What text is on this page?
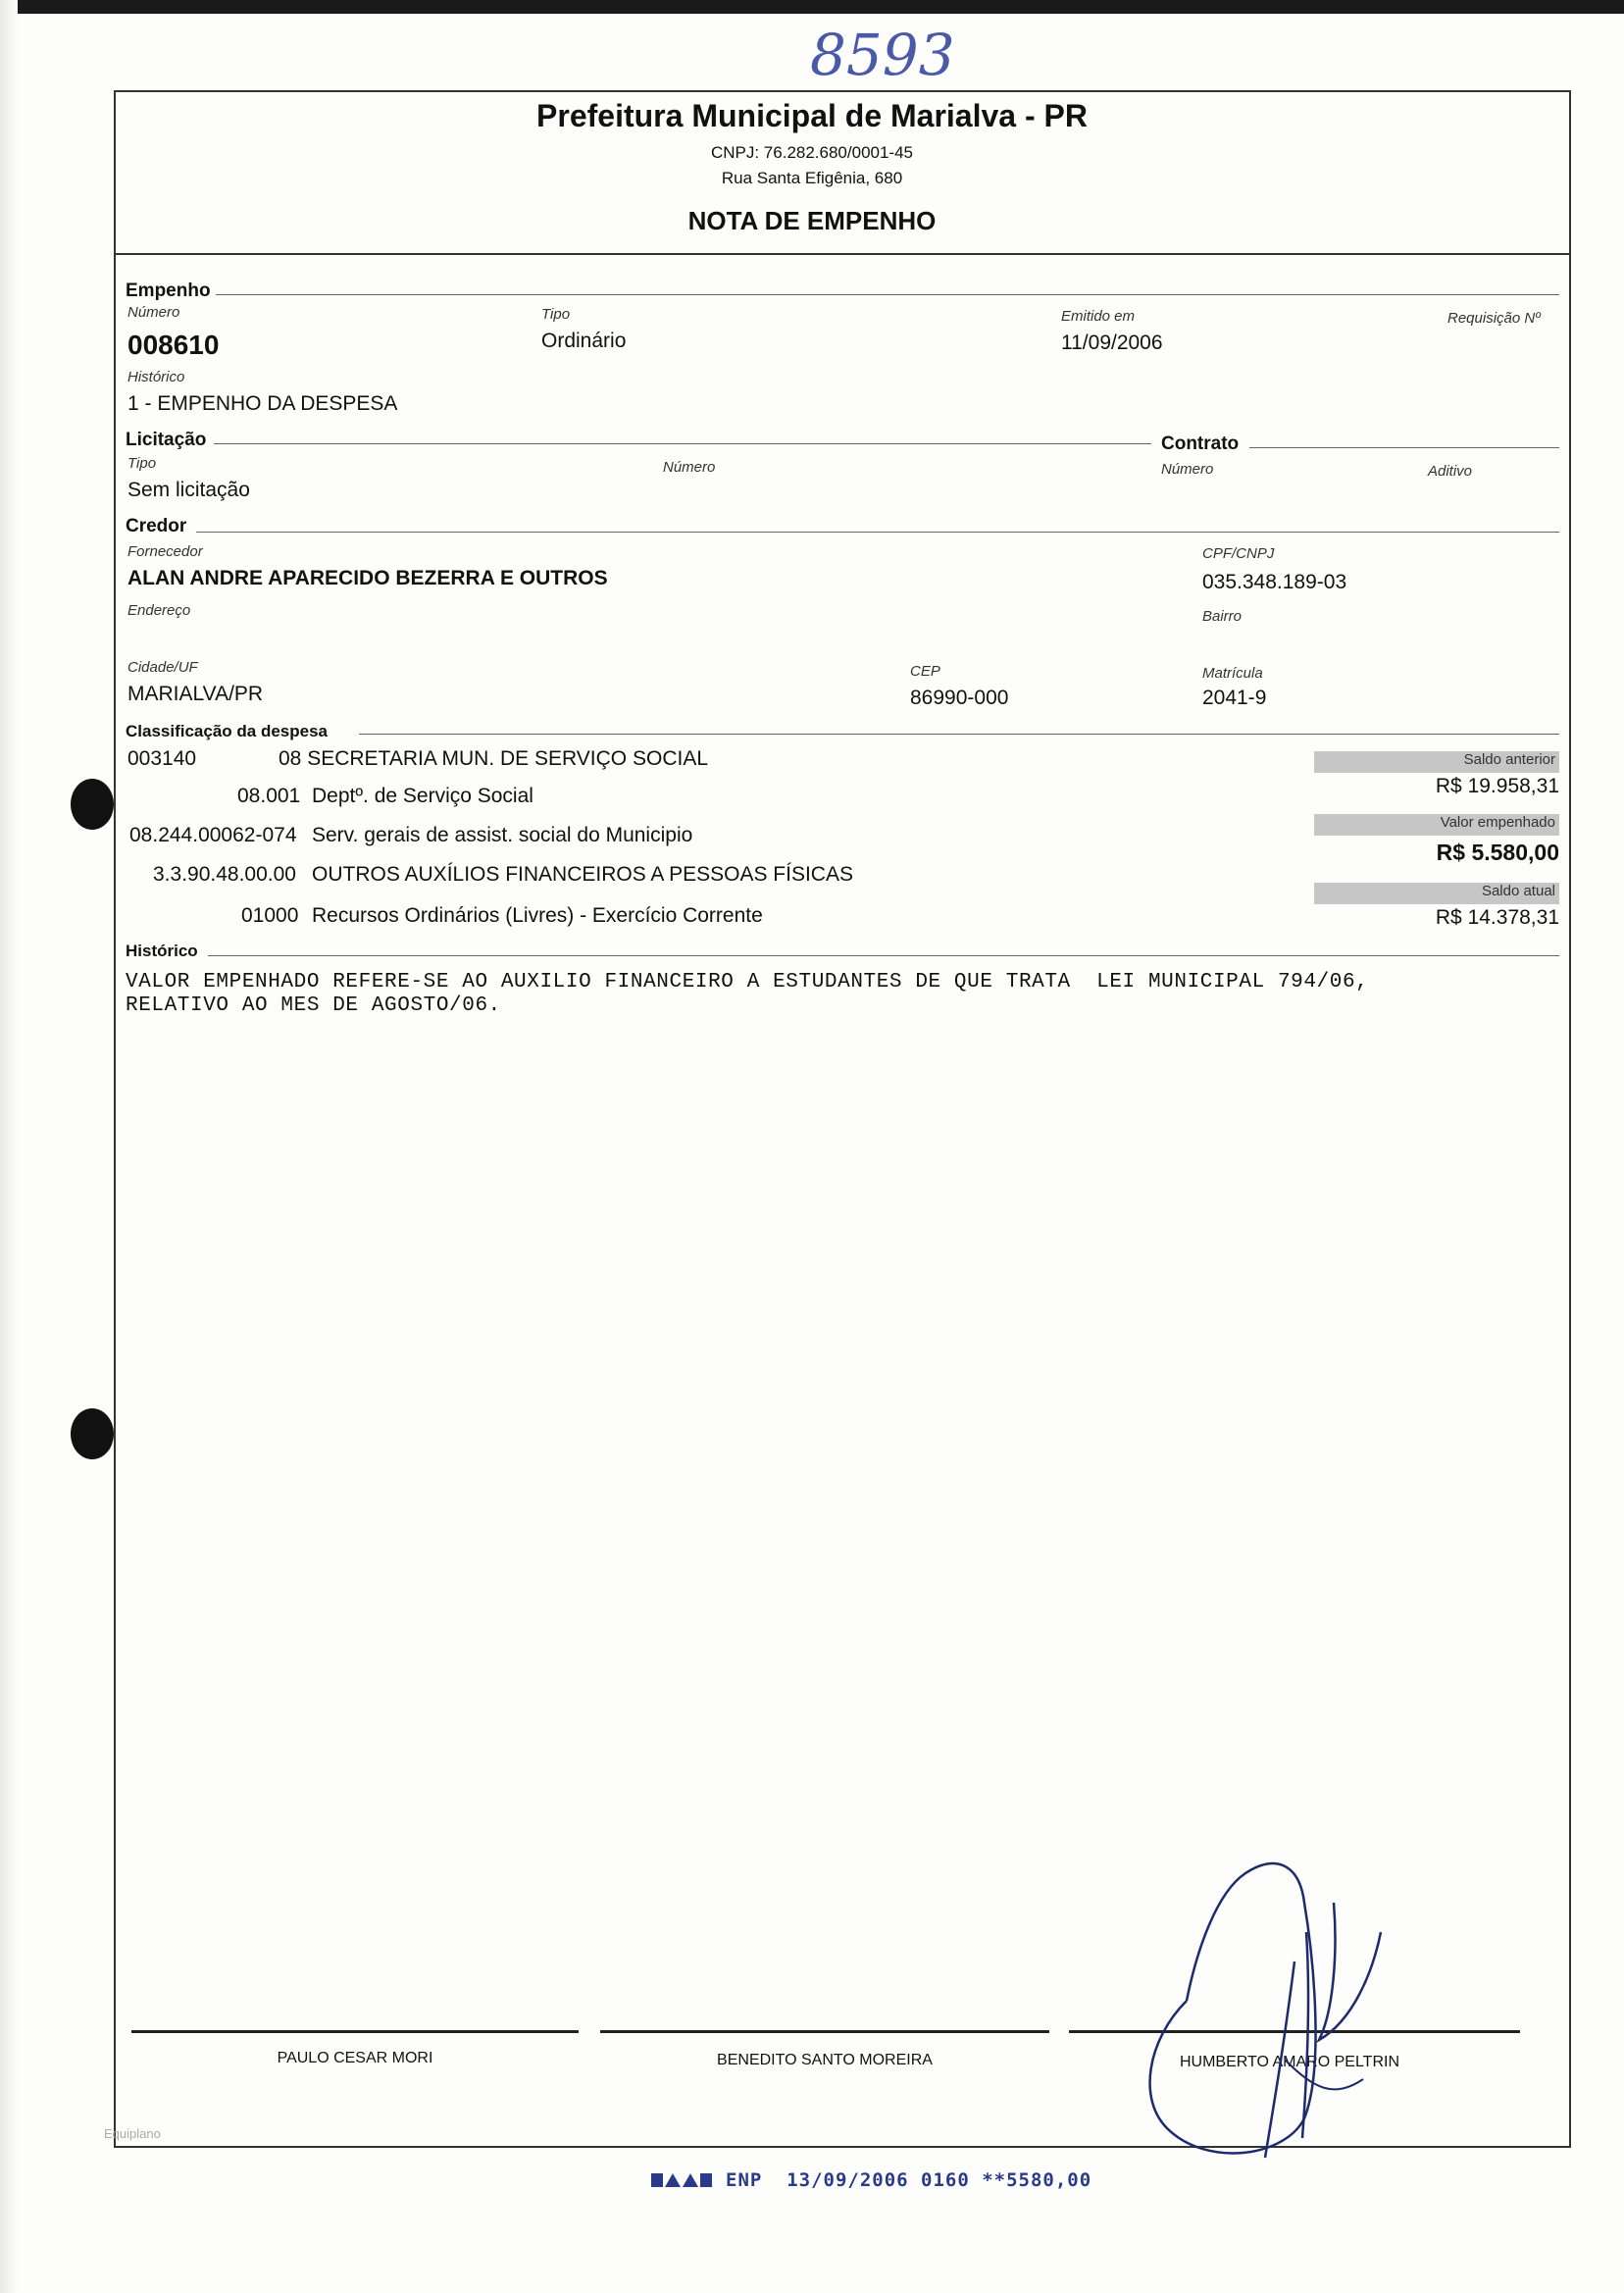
8593
Prefeitura Municipal de Marialva - PR
CNPJ: 76.282.680/0001-45
Rua Santa Efigênia, 680
NOTA DE EMPENHO
Empenho
Número
008610
Tipo
Ordinário
Emitido em
11/09/2006
Requisição Nº
Histórico
1 - EMPENHO DA DESPESA
Licitação	Contrato
Tipo
Sem licitação
Número	Número	Aditivo
Credor
Fornecedor
ALAN ANDRE APARECIDO BEZERRA E OUTROS
CPF/CNPJ
035.348.189-03
Endereço	Bairro
Cidade/UF
MARIALVA/PR
CEP
86990-000
Matrícula
2041-9
Classificação da despesa
003140	08 SECRETARIA MUN. DE SERVIÇO SOCIAL
08.001 Deptº. de Serviço Social
08.244.00062-074 Serv. gerais de assist. social do Municipio
3.3.90.48.00.00 OUTROS AUXÍLIOS FINANCEIROS A PESSOAS FÍSICAS
01000 Recursos Ordinários (Livres) - Exercício Corrente
Saldo anterior
R$ 19.958,31
Valor empenhado
R$ 5.580,00
Saldo atual
R$ 14.378,31
Histórico
VALOR EMPENHADO REFERE-SE AO AUXILIO FINANCEIRO A ESTUDANTES DE QUE TRATA  LEI MUNICIPAL 794/06,
RELATIVO AO MES DE AGOSTO/06.
PAULO CESAR MORI	BENEDITO SANTO MOREIRA	HUMBERTO AMARO PELTRIN
Equiplano
ENP  13/09/2006 0160 **5580,00
